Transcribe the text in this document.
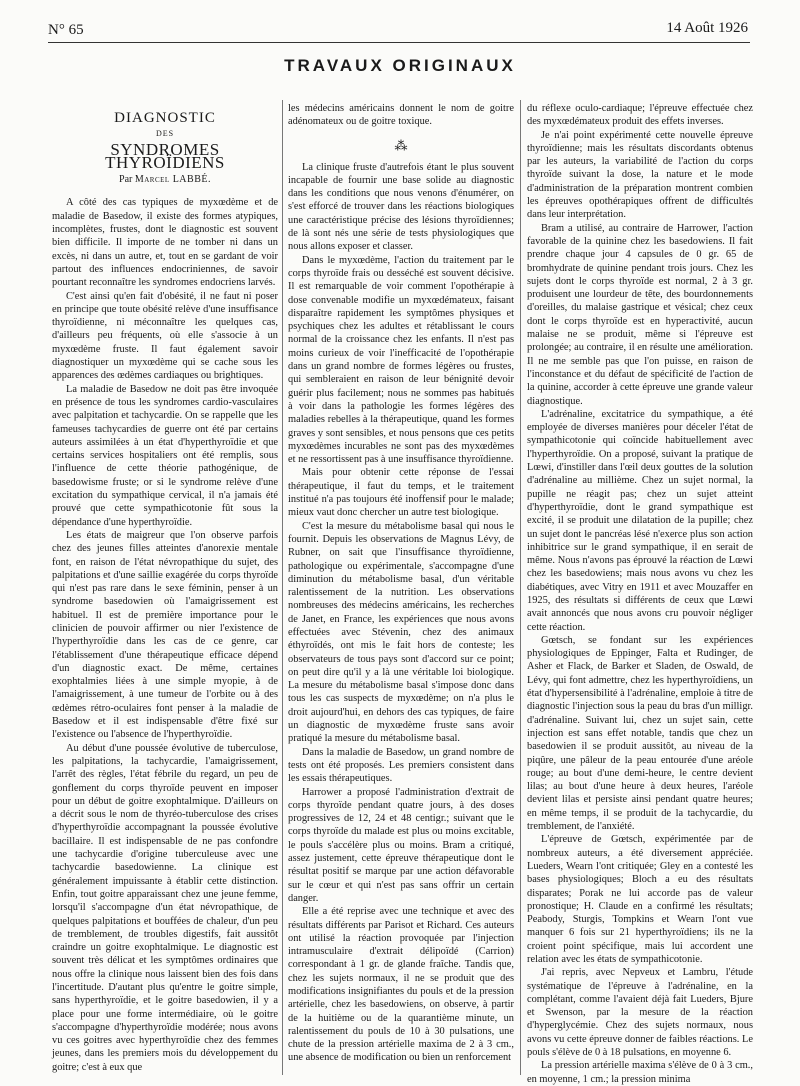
N° 65	14 Août 1926
TRAVAUX ORIGINAUX
DIAGNOSTIC
DES
SYNDROMES THYROÏDIENS
Par Marcel LABBÉ.

A côté des cas typiques de myxœdème et de maladie de Basedow, il existe des formes atypiques, incomplètes, frustes, dont le diagnostic est souvent bien difficile. Il importe de ne tomber ni dans un excès, ni dans un autre, et, tout en se gardant de voir partout des influences endocriniennes, de savoir pourtant reconnaître les syndromes endocriens larvés.

C'est ainsi qu'en fait d'obésité, il ne faut ni poser en principe que toute obésité relève d'une insuffisance thyroïdienne, ni méconnaître les quelques cas, d'ailleurs peu fréquents, où elle s'associe à un myxœdème fruste. Il faut également savoir diagnostiquer un myxœdème qui se cache sous les apparences des œdèmes cardiaques ou brightiques.

La maladie de Basedow ne doit pas être invoquée en présence de tous les syndromes cardio-vasculaires avec palpitation et tachycardie. On se rappelle que les fameuses tachycardies de guerre ont été par certains auteurs assimilées à un état d'hyperthyroïdie et que certains services hospitaliers ont été remplis, sous l'influence de cette théorie pathogénique, de basedowisme fruste; or si le syndrome relève d'une excitation du sympathique cervical, il n'a jamais été prouvé que cette sympathicotonie fût sous la dépendance d'une hyperthyroïdie.

Les états de maigreur que l'on observe parfois chez des jeunes filles atteintes d'anorexie mentale font, en raison de l'état névropathique du sujet, des palpitations et d'une saillie exagérée du corps thyroïde qui n'est pas rare dans le sexe féminin, penser à un syndrome basedowien où l'amaigrissement est habituel. Il est de première importance pour le clinicien de pouvoir affirmer ou nier l'existence de l'hyperthyroïdie dans les cas de ce genre, car l'établissement d'une thérapeutique efficace dépend d'un diagnostic exact. De même, certaines exophtalmies liées à une simple myopie, à de l'amaigrissement, à une tumeur de l'orbite ou à des œdèmes rétro-oculaires font penser à la maladie de Basedow et il est indispensable d'être fixé sur l'existence ou l'absence de l'hyperthyroïdie.

Au début d'une poussée évolutive de tuberculose, les palpitations, la tachycardie, l'amaigrissement, l'arrêt des règles, l'état fébrile du regard, un peu de gonflement du corps thyroïde peuvent en imposer pour un début de goitre exophtalmique. D'ailleurs on a décrit sous le nom de thyréo-tuberculose des crises d'hyperthyroïdie accompagnant la poussée évolutive bacillaire. Il est indispensable de ne pas confondre une tachycardie d'origine tuberculeuse avec une tachycardie basedowienne. La clinique est généralement impuissante à établir cette distinction. Enfin, tout goitre apparaissant chez une jeune femme, lorsqu'il s'accompagne d'un état névropathique, de quelques palpitations et bouffées de chaleur, d'un peu de tremblement, de troubles digestifs, fait aussitôt craindre un goitre exophtalmique. Le diagnostic est souvent très délicat et les symptômes ordinaires que nous offre la clinique nous laissent bien des fois dans l'incertitude. D'autant plus qu'entre le goitre simple, sans hyperthyroïdie, et le goitre basedowien, il y a place pour une forme intermédiaire, où le goitre s'accompagne d'hyperthyroïdie modérée; nous avons vu ces goitres avec hyperthyroïdie chez des femmes jeunes, dans les premiers mois du développement du goitre; c'est à eux que

les médecins américains donnent le nom de goitre adénomateux ou de goitre toxique.

⁂

La clinique fruste d'autrefois étant le plus souvent incapable de fournir une base solide au diagnostic dans les conditions que nous venons d'énumérer, on s'est efforcé de trouver dans les réactions biologiques une caractéristique précise des lésions thyroïdiennes; de là sont nés une série de tests physiologiques que nous allons exposer et classer.

Dans le myxœdème, l'action du traitement par le corps thyroïde frais ou desséché est souvent décisive. Il est remarquable de voir comment l'opothérapie à dose convenable modifie un myxœdémateux, faisant disparaître rapidement les symptômes physiques et psychiques chez les adultes et rétablissant le cours normal de la croissance chez les enfants. Il n'est pas moins curieux de voir l'inefficacité de l'opothérapie dans un grand nombre de formes légères ou frustes, qui sembleraient en raison de leur bénignité devoir guérir plus facilement; nous ne sommes pas habitués à voir dans la pathologie les formes légères des maladies rebelles à la thérapeutique, quand les formes graves y sont sensibles, et nous pensons que ces petits myxœdèmes incurables ne sont pas des myxœdèmes et ne ressortissent pas à une insuffisance thyroïdienne.

Mais pour obtenir cette réponse de l'essai thérapeutique, il faut du temps, et le traitement institué n'a pas toujours été inoffensif pour le malade; mieux vaut donc chercher un autre test biologique.

C'est la mesure du métabolisme basal qui nous le fournit. Depuis les observations de Magnus Lévy, de Rubner, on sait que l'insuffisance thyroïdienne, pathologique ou expérimentale, s'accompagne d'une diminution du métabolisme basal, d'un véritable ralentissement de la nutrition. Les observations nombreuses des médecins américains, les recherches de Janet, en France, les expériences que nous avons effectuées avec Stévenin, chez des animaux éthyroïdés, ont mis le fait hors de conteste; les observateurs de tous pays sont d'accord sur ce point; on peut dire qu'il y a là une véritable loi biologique. La mesure du métabolisme basal s'impose donc dans tous les cas suspects de myxœdème; on n'a plus le droit aujourd'hui, en dehors des cas typiques, de faire un diagnostic de myxœdème fruste sans avoir pratiqué la mesure du métabolisme basal.

Dans la maladie de Basedow, un grand nombre de tests ont été proposés. Les premiers consistent dans les essais thérapeutiques.

Harrower a proposé l'administration d'extrait de corps thyroïde pendant quatre jours, à des doses progressives de 12, 24 et 48 centigr.; suivant que le corps thyroïde du malade est plus ou moins excitable, le pouls s'accélère plus ou moins. Bram a critiqué, assez justement, cette épreuve thérapeutique dont le résultat positif se marque par une action défavorable sur le cœur et qui n'est pas sans offrir un certain danger.

Elle a été reprise avec une technique et avec des résultats différents par Parisot et Richard. Ces auteurs ont utilisé la réaction provoquée par l'injection intramusculaire d'extrait délipoïdé (Carrion) correspondant à 1 gr. de glande fraîche. Tandis que, chez les sujets normaux, il ne se produit que des modifications insignifiantes du pouls et de la pression artérielle, chez les basedowiens, on observe, à partir de la huitième ou de la quarantième minute, un ralentissement du pouls de 10 à 30 pulsations, une chute de la pression artérielle maxima de 2 à 3 cm., une absence de modification ou bien un renforcement

du réflexe oculo-cardiaque; l'épreuve effectuée chez des myxœdémateux produit des effets inverses.

Je n'ai point expérimenté cette nouvelle épreuve thyroïdienne; mais les résultats discordants obtenus par les auteurs, la variabilité de l'action du corps thyroïde suivant la dose, la nature et le mode d'administration de la préparation montrent combien les épreuves opothérapiques offrent de difficultés dans leur interprétation.

Bram a utilisé, au contraire de Harrower, l'action favorable de la quinine chez les basedowiens. Il fait prendre chaque jour 4 capsules de 0 gr. 65 de bromhydrate de quinine pendant trois jours. Chez les sujets dont le corps thyroïde est normal, 2 à 3 gr. produisent une lourdeur de tête, des bourdonnements d'oreilles, du malaise gastrique et vésical; chez ceux dont le corps thyroïde est en hyperactivité, aucun malaise ne se produit, même si l'épreuve est prolongée; au contraire, il en résulte une amélioration. Il ne me semble pas que l'on puisse, en raison de l'inconstance et du défaut de spécificité de l'action de la quinine, accorder à cette épreuve une grande valeur diagnostique.

L'adrénaline, excitatrice du sympathique, a été employée de diverses manières pour déceler l'état de sympathicotonie qui coïncide habituellement avec l'hyperthyroïdie. On a proposé, suivant la pratique de Lœwi, d'instiller dans l'œil deux gouttes de la solution d'adrénaline au millième. Chez un sujet normal, la pupille ne réagit pas; chez un sujet atteint d'hyperthyroïdie, dont le grand sympathique est excité, il se produit une dilatation de la pupille; chez un sujet dont le pancréas lésé n'exerce plus son action inhibitrice sur le grand sympathique, il en serait de même. Nous n'avons pas éprouvé la réaction de Lœwi chez les basedowiens; mais nous avons vu chez les diabétiques, avec Vitry en 1911 et avec Mouzaffer en 1925, des résultats si différents de ceux que Lœwi avait annoncés que nous avons cru pouvoir négliger cette réaction.

Gœtsch, se fondant sur les expériences physiologiques de Eppinger, Falta et Rudinger, de Asher et Flack, de Barker et Sladen, de Oswald, de Lévy, qui font admettre, chez les hyperthyroïdiens, un état d'hypersensibilité à l'adrénaline, emploie à titre de diagnostic l'injection sous la peau du bras d'un milligr. d'adrénaline. Suivant lui, chez un sujet sain, cette injection est sans effet notable, tandis que chez un basedowien il se produit aussitôt, au niveau de la piqûre, une pâleur de la peau entourée d'une aréole rouge; au bout d'une demi-heure, le centre devient lilas; au bout d'une heure à deux heures, l'aréole devient lilas et persiste ainsi pendant quatre heures; en même temps, il se produit de la tachycardie, du tremblement, de l'anxiété.

L'épreuve de Gœtsch, expérimentée par de nombreux auteurs, a été diversement appréciée. Lueders, Wearn l'ont critiquée; Gley en a contesté les bases physiologiques; Bloch a eu des résultats disparates; Porak ne lui accorde pas de valeur pronostique; H. Claude en a confirmé les résultats; Peabody, Sturgis, Tompkins et Wearn l'ont vue manquer 6 fois sur 21 hyperthyroïdiens; ils ne la croient point spécifique, mais lui accordent une relation avec les états de sympathicotonie.

J'ai repris, avec Nepveux et Lambru, l'étude systématique de l'épreuve à l'adrénaline, en la complétant, comme l'avaient déjà fait Lueders, Bjure et Swenson, par la mesure de la réaction d'hyperglycémie. Chez des sujets normaux, nous avons vu cette épreuve donner de faibles réactions. Le pouls s'élève de 0 à 18 pulsations, en moyenne 6.

La pression artérielle maxima s'élève de 0 à 3 cm., en moyenne, 1 cm.; la pression minima
